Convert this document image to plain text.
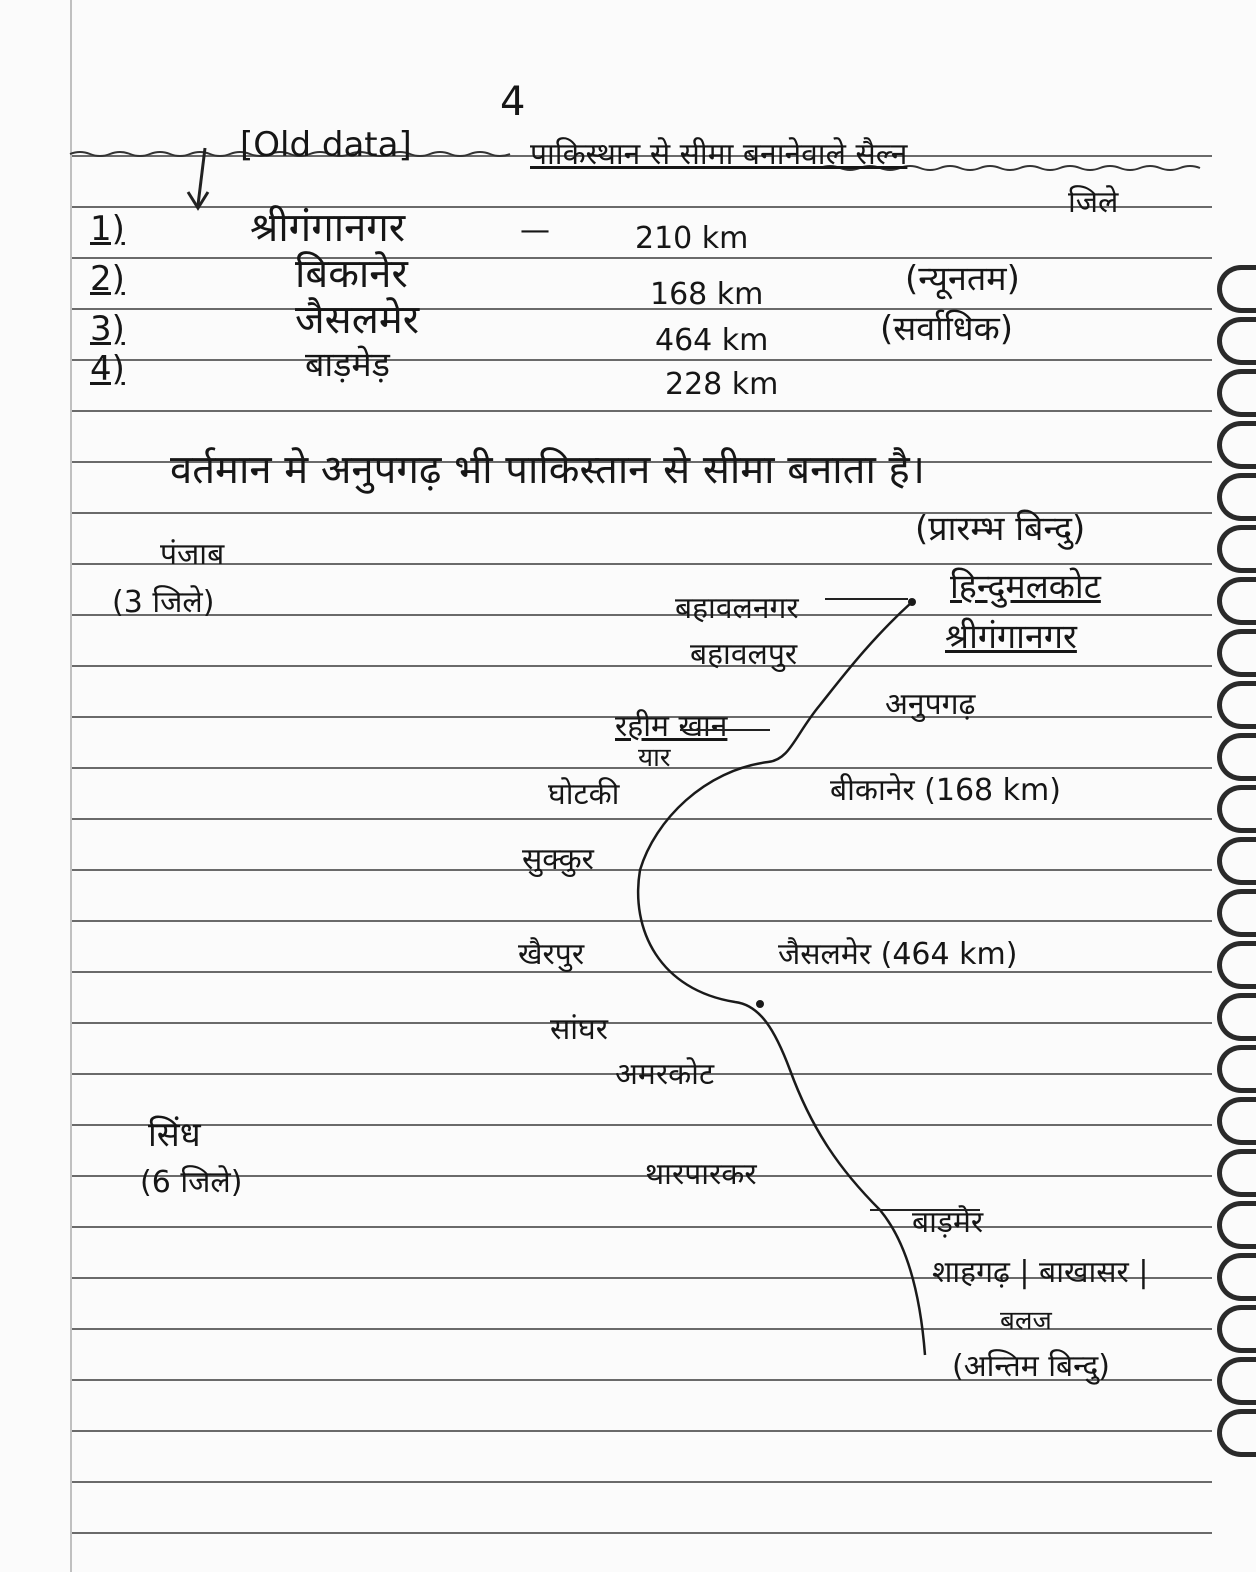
4
[Old data]	पाकिस्थान से सीमा बनानेवाले सैल्न
जिले
1)	श्रीगंगानगर	—	210 km
2)	बिकानेर	168 km	(न्यूनतम)
3)	जैसलमेर	464 km	(सर्वाधिक)
4)	बाड़मेड़	228 km
वर्तमान मे अनुपगढ़ भी पाकिस्तान से सीमा बनाता है।
(प्रारम्भ बिन्दु)
पंजाब
(3 जिले)	हिन्दुमलकोट
श्रीगंगानगर
बहावलनगर
बहावलपुर
अनुपगढ़
रहीम खान
यार
घोटकी	बीकानेर (168 km)
सुक्कुर
खैरपुर	जैसलमेर (464 km)
सांघर
अमरकोट
सिंध
(6 जिले)	थारपारकर
बाड़मेर
शाहगढ़ | बाखासर |
बलज
(अन्तिम बिन्दु)
